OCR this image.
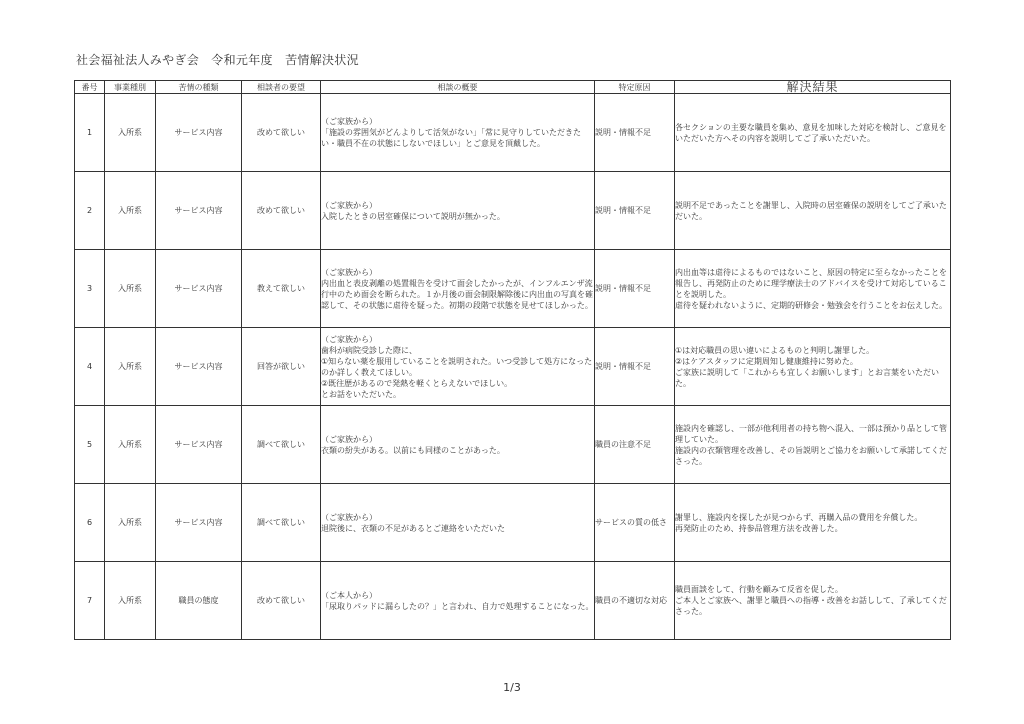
社会福祉法人みやぎ会　令和元年度　苦情解決状況
番号	事業種別	苦情の種類	相談者の要望	相談の概要	特定原因	解決結果
1	入所系	サービス内容	改めて欲しい	（ご家族から）
「施設の雰囲気がどんよりして活気がない」「常に見守りしていただきたい・職員不在の状態にしないでほしい」とご意見を頂戴した。	説明・情報不足	各セクションの主要な職員を集め、意見を加味した対応を検討し、ご意見をいただいた方へその内容を説明してご了承いただいた。

2	入所系	サービス内容	改めて欲しい	（ご家族から）
入院したときの居室確保について説明が無かった。	説明・情報不足	説明不足であったことを謝罪し、入院時の居室確保の説明をしてご了承いただいた。

3	入所系	サービス内容	教えて欲しい	（ご家族から）
内出血と表皮剥離の処置報告を受けて面会したかったが、インフルエンザ流行中のため面会を断られた。１か月後の面会制限解除後に内出血の写真を確認して、その状態に虐待を疑った。初期の段階で状態を見せてほしかった。	説明・情報不足	内出血等は虐待によるものではないこと、原因の特定に至らなかったことを報告し、再発防止のために理学療法士のアドバイスを受けて対応していることを説明した。
虐待を疑われないように、定期的研修会・勉強会を行うことをお伝えした。

4	入所系	サービス内容	回答が欲しい	（ご家族から）
歯科が病院受診した際に、
①知らない薬を服用していることを説明された。いつ受診して処方になったのか詳しく教えてほしい。
②既往歴があるので発熱を軽くとらえないでほしい。
とお話をいただいた。	説明・情報不足	①は対応職員の思い違いによるものと判明し謝罪した。
②はケアスタッフに定期周知し健康維持に努めた。
ご家族に説明して「これからも宜しくお願いします」とお言葉をいただいた。

5	入所系	サービス内容	調べて欲しい	（ご家族から）
衣類の紛失がある。以前にも同様のことがあった。	職員の注意不足	施設内を確認し、一部が他利用者の持ち物へ混入、一部は預かり品として管理していた。
施設内の衣類管理を改善し、その旨説明とご協力をお願いして承諾してくださった。

6	入所系	サービス内容	調べて欲しい	（ご家族から）
退院後に、衣類の不足があるとご連絡をいただいた	サービスの質の低さ	謝罪し、施設内を探したが見つからず、再購入品の費用を弁償した。
再発防止のため、持参品管理方法を改善した。

7	入所系	職員の態度	改めて欲しい	（ご本人から）
「尿取りパッドに漏らしたの？」と言われ、自力で処理することになった。	職員の不適切な対応	職員面談をして、行動を顧みて反省を促した。
ご本人とご家族へ、謝罪と職員への指導・改善をお話しして、了承してくださった。
1/3
